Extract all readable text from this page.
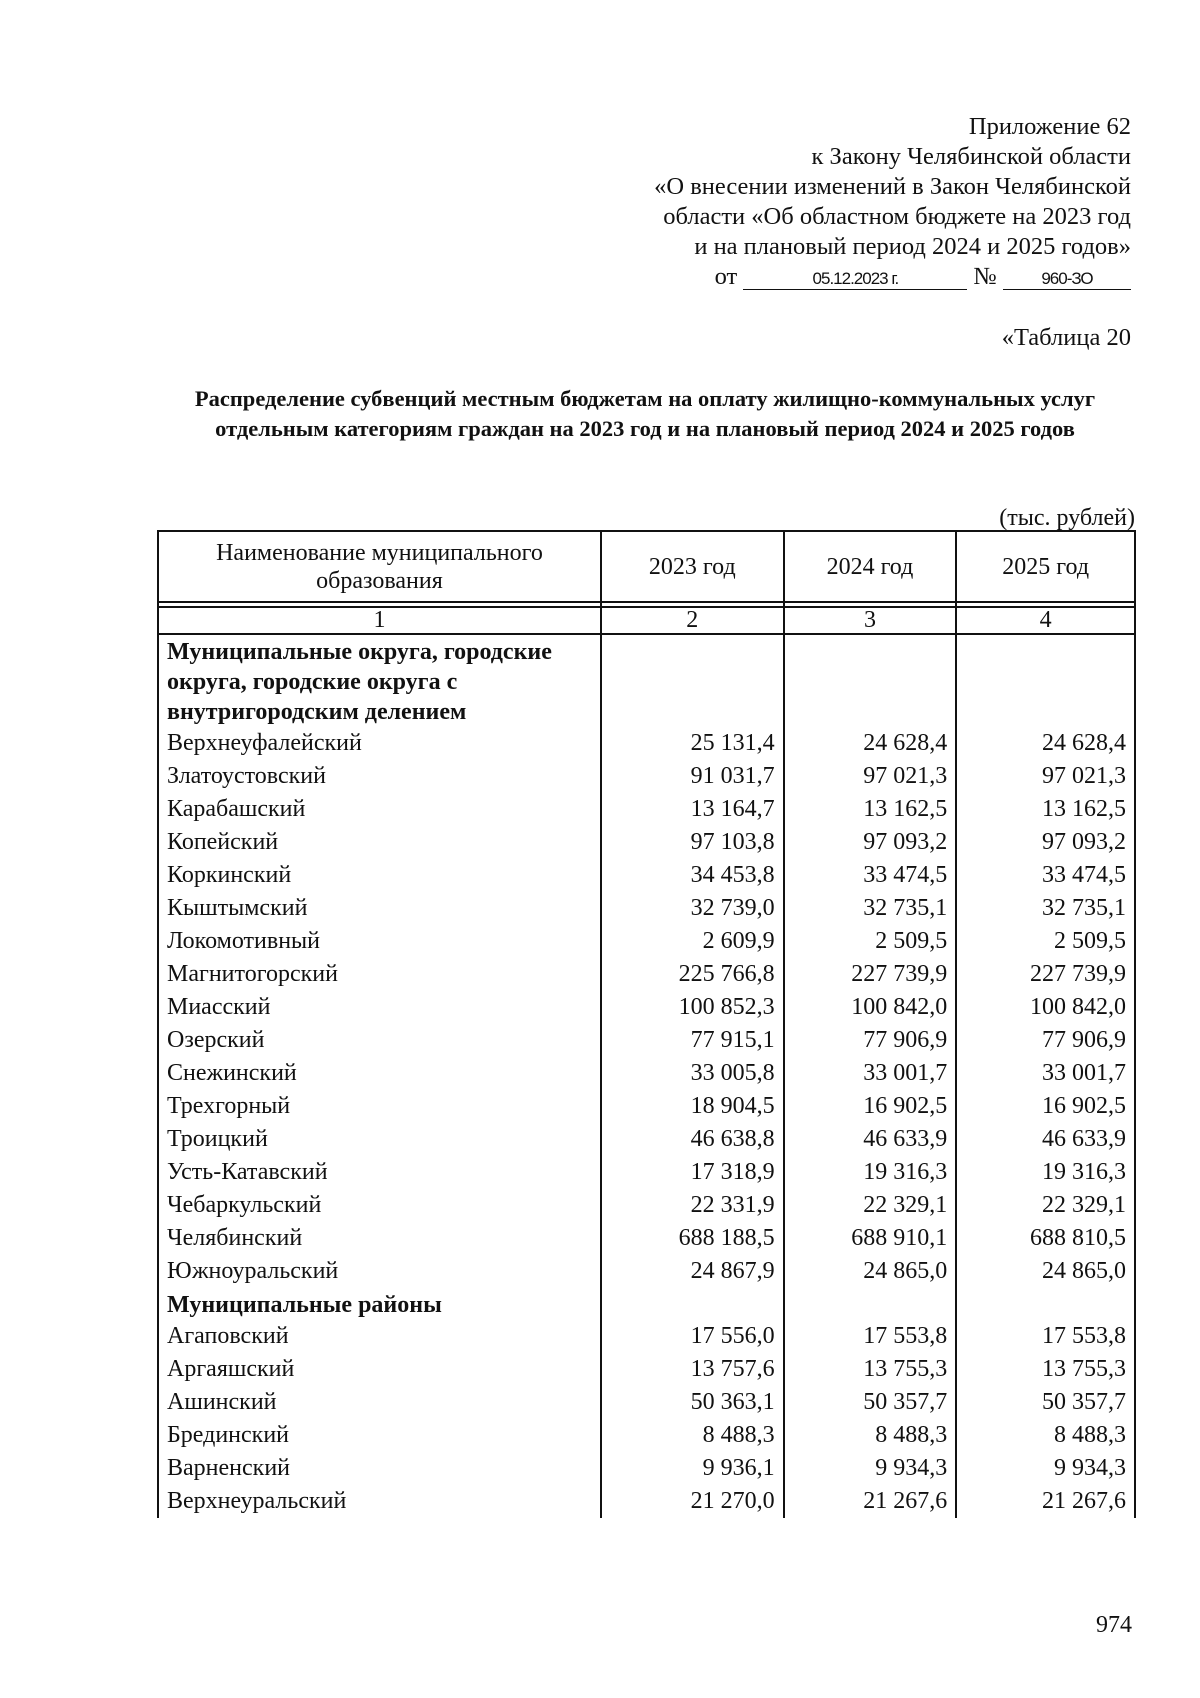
Приложение 62
к Закону Челябинской области
«О внесении изменений в Закон Челябинской
области «Об областном бюджете на 2023 год
и на плановый период 2024 и 2025 годов»
от	05.12.2023 г.	№	960-ЗО
«Таблица 20
Распределение субвенций местным бюджетам на оплату жилищно-коммунальных услуг отдельным категориям граждан на 2023 год и на плановый период 2024 и 2025 годов
(тыс. рублей)
Наименование муниципального образования	2023 год	2024 год	2025 год

1	2	3	4
Муниципальные округа, городские округа, городские округа с внутригородским делением			
Верхнеуфалейский	25 131,4	24 628,4	24 628,4
Златоустовский	91 031,7	97 021,3	97 021,3
Карабашский	13 164,7	13 162,5	13 162,5
Копейский	97 103,8	97 093,2	97 093,2
Коркинский	34 453,8	33 474,5	33 474,5
Кыштымский	32 739,0	32 735,1	32 735,1
Локомотивный	2 609,9	2 509,5	2 509,5
Магнитогорский	225 766,8	227 739,9	227 739,9
Миасский	100 852,3	100 842,0	100 842,0
Озерский	77 915,1	77 906,9	77 906,9
Снежинский	33 005,8	33 001,7	33 001,7
Трехгорный	18 904,5	16 902,5	16 902,5
Троицкий	46 638,8	46 633,9	46 633,9
Усть-Катавский	17 318,9	19 316,3	19 316,3
Чебаркульский	22 331,9	22 329,1	22 329,1
Челябинский	688 188,5	688 910,1	688 810,5
Южноуральский	24 867,9	24 865,0	24 865,0
Муниципальные районы			
Агаповский	17 556,0	17 553,8	17 553,8
Аргаяшский	13 757,6	13 755,3	13 755,3
Ашинский	50 363,1	50 357,7	50 357,7
Брединский	8 488,3	8 488,3	8 488,3
Варненский	9 936,1	9 934,3	9 934,3
Верхнеуральский	21 270,0	21 267,6	21 267,6
974
